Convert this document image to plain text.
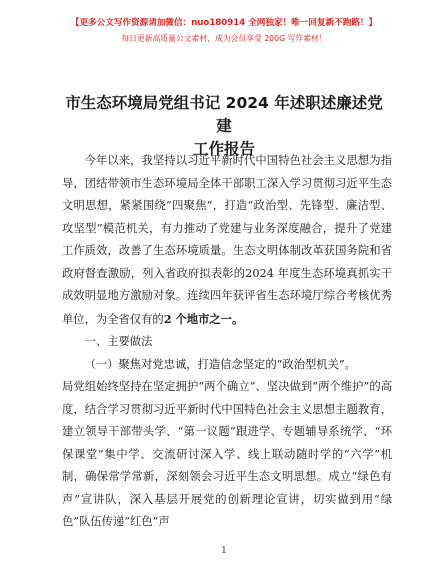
【更多公文写作资源请加微信：nuo180914 全网独家！唯一回复新不跑路！】
每日更新高质量公文素材，成为会员享受 200G 写作素材！
市生态环境局党组书记 2024 年述职述廉述党建
工作报告

今年以来，我坚持以习近平新时代中国特色社会主义思想为指导，团结带领市生态环境局全体干部职工深入学习贯彻习近平生态文明思想，紧紧围绕“四聚焦”，打造“政治型、先锋型、廉洁型、攻坚型”模范机关，有力推动了党建与业务深度融合，提升了党建工作质效，改善了生态环境质量。生态文明体制改革获国务院和省政府督查激励，列入省政府拟表彰的2024 年度生态环境真抓实干成效明显地方激励对象。连续四年获评省生态环境厅综合考核优秀单位，为全省仅有的2 个地市之一。

一、主要做法

（一）聚焦对党忠诚，打造信念坚定的“政治型机关”。

局党组始终坚持在坚定拥护“两个确立”、坚决做到“两个维护”的高度，结合学习贯彻习近平新时代中国特色社会主义思想主题教育，建立领导干部带头学、“第一议题”跟进学、专题辅导系统学、“环保课堂”集中学、交流研讨深入学、线上联动随时学的“六学”机制，确保常学常新，深刻领会习近平生态文明思想。成立“绿色有声”宣讲队，深入基层开展党的创新理论宣讲，切实做到用“绿色”队伍传递“红色”声

1
